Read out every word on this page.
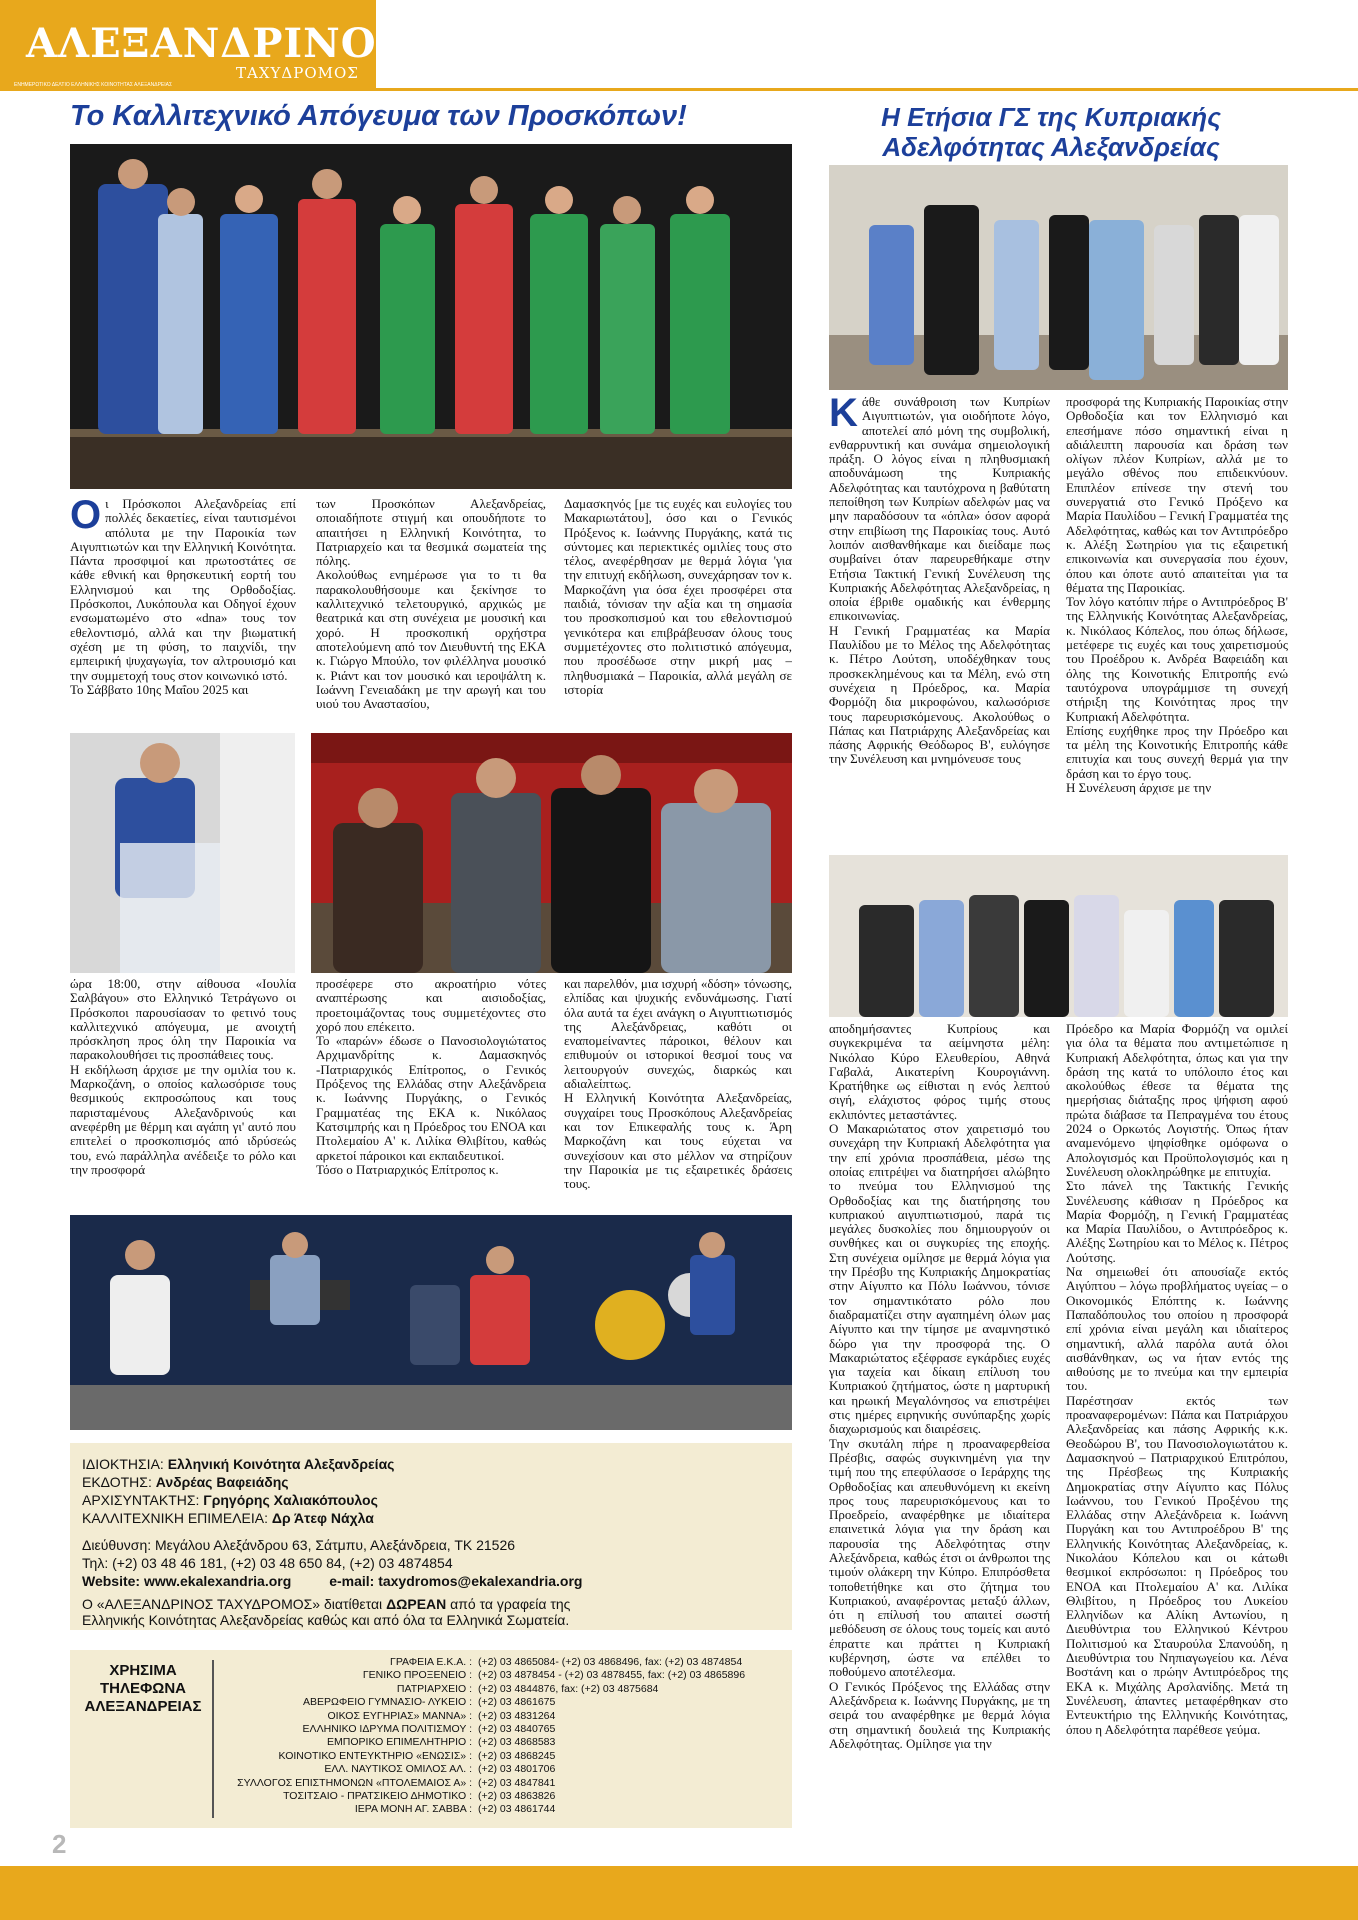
ΑΛΕΞΑΝΔΡΙΝΟΣ
ΤΑΧΥΔΡΟΜΟΣ
ΕΝΗΜΕΡΩΤΙΚΟ ΔΕΛΤΙΟ ΕΛΛΗΝΙΚΗΣ ΚΟΙΝΟΤΗΤΑΣ ΑΛΕΞΑΝΔΡΕΙΑΣ
Το Καλλιτεχνικό Απόγευμα των Προσκόπων!	Η Ετήσια ΓΣ της Κυπριακής Αδελφότητας Αλεξανδρείας
Ο ι Πρόσκοποι Αλεξανδρείας επί πολλές δεκαετίες, είναι ταυτισμένοι απόλυτα με την Παροικία των Αιγυπτιωτών και την Ελληνική Κοινότητα. Πάντα προσφιμοί και πρωτοστάτες σε κάθε εθνική και θρησκευτική εορτή του Ελληνισμού και της Ορθοδοξίας. Πρόσκοποι, Λυκόπουλα και Οδηγοί έχουν ενσωματωμένο στο «dna» τους τον εθελοντισμό, αλλά και την βιωματική σχέση με τη φύση, το παιχνίδι, την εμπειρική ψυχαγωγία, τον αλτρουισμό και την συμμετοχή τους στον κοινωνικό ιστό.

Το Σάββατο 10ης Μαΐου 2025 και

των Προσκόπων Αλεξανδρείας, οποιαδήποτε στιγμή και οπουδήποτε το απαιτήσει η Ελληνική Κοινότητα, το Πατριαρχείο και τα θεσμικά σωματεία της πόλης.

Ακολούθως ενημέρωσε για το τι θα παρακολουθήσουμε και ξεκίνησε το καλλιτεχνικό τελετουργικό, αρχικώς με θεατρικά και στη συνέχεια με μουσική και χορό. Η προσκοπική ορχήστρα αποτελούμενη από τον Διευθυντή της ΕΚΑ κ. Γιώργο Μπούλο, τον φιλέλληνα μουσικό κ. Ριάντ και τον μουσικό και ιεροψάλτη κ. Ιωάννη Γενειαδάκη με την αρωγή και του υιού του Αναστασίου,

Δαμασκηνός [με τις ευχές και ευλογίες του Μακαριωτάτου], όσο και ο Γενικός Πρόξενος κ. Ιωάννης Πυργάκης, κατά τις σύντομες και περιεκτικές ομιλίες τους στο τέλος, ανεφέρθησαν με θερμά λόγια 'για την επιτυχή εκδήλωση, συνεχάρησαν τον κ. Μαρκοζάνη για όσα έχει προσφέρει στα παιδιά, τόνισαν την αξία και τη σημασία του προσκοπισμού και του εθελοντισμού γενικότερα και επιβράβευσαν όλους τους συμμετέχοντες στο πολιτιστικό απόγευμα, που προσέδωσε στην μικρή μας – πληθυσμιακά – Παροικία, αλλά μεγάλη σε ιστορία

ώρα 18:00, στην αίθουσα «Ιουλία Σαλβάγου» στο Ελληνικό Τετράγωνο οι Πρόσκοποι παρουσίασαν το φετινό τους καλλιτεχνικό απόγευμα, με ανοιχτή πρόσκληση προς όλη την Παροικία να παρακολουθήσει τις προσπάθειες τους.

Η εκδήλωση άρχισε με την ομιλία του κ. Μαρκοζάνη, ο οποίος καλωσόρισε τους θεσμικούς εκπροσώπους και τους παρισταμένους Αλεξανδρινούς και ανεφέρθη με θέρμη και αγάπη γι' αυτό που επιτελεί ο προσκοπισμός από ιδρύσεώς του, ενώ παράλληλα ανέδειξε το ρόλο και την προσφορά

προσέφερε στο ακροατήριο νότες αναπτέρωσης και αισιοδοξίας, προετοιμάζοντας τους συμμετέχοντες στο χορό που επέκειτο.

Το «παρών» έδωσε ο Πανοσιολογιώτατος Αρχιμανδρίτης κ. Δαμασκηνός -Πατριαρχικός Επίτροπος, ο Γενικός Πρόξενος της Ελλάδας στην Αλεξάνδρεια κ. Ιωάννης Πυργάκης, ο Γενικός Γραμματέας της ΕΚΑ κ. Νικόλαος Κατσιμπρής και η Πρόεδρος του ΕΝΟΑ και Πτολεμαίου Α' κ. Λιλίκα Θλιβίτου, καθώς αρκετοί πάροικοι και εκπαιδευτικοί.

Τόσο ο Πατριαρχικός Επίτροπος κ.

και παρελθόν, μια ισχυρή «δόση» τόνωσης, ελπίδας και ψυχικής ενδυνάμωσης. Γιατί όλα αυτά τα έχει ανάγκη ο Αιγυπτιωτισμός της Αλεξάνδρειας, καθότι οι εναπομείναντες πάροικοι, θέλουν και επιθυμούν οι ιστορικοί θεσμοί τους να λειτουργούν συνεχώς, διαρκώς και αδιαλείπτως.

Η Ελληνική Κοινότητα Αλεξανδρείας, συγχαίρει τους Προσκόπους Αλεξανδρείας και τον Επικεφαλής τους κ. Άρη Μαρκοζάνη και τους εύχεται να συνεχίσουν και στο μέλλον να στηρίζουν την Παροικία με τις εξαιρετικές δράσεις τους.

Κ άθε συνάθροιση των Κυπρίων Αιγυπτιωτών, για οιοδήποτε λόγο, αποτελεί από μόνη της συμβολική, ενθαρρυντική και συνάμα σημειολογική πράξη. Ο λόγος είναι η πληθυσμιακή αποδυνάμωση της Κυπριακής Αδελφότητας και ταυτόχρονα η βαθύτατη πεποίθηση των Κυπρίων αδελφών μας να μην παραδόσουν τα «όπλα» όσον αφορά στην επιβίωση της Παροικίας τους. Αυτό λοιπόν αισθανθήκαμε και διείδαμε πως συμβαίνει όταν παρευρεθήκαμε στην Ετήσια Τακτική Γενική Συνέλευση της Κυπριακής Αδελφότητας Αλεξανδρείας, η οποία έβριθε ομαδικής και ένθερμης επικοινωνίας.

Η Γενική Γραμματέας κα Μαρία Παυλίδου με το Μέλος της Αδελφότητας κ. Πέτρο Λούτση, υποδέχθηκαν τους προσκεκλημένους και τα Μέλη, ενώ στη συνέχεια η Πρόεδρος, κα. Μαρία Φορμόζη δια μικροφώνου, καλωσόρισε τους παρευρισκόμενους. Ακολούθως ο Πάπας και Πατριάρχης Αλεξανδρείας και πάσης Αφρικής Θεόδωρος Β', ευλόγησε την Συνέλευση και μνημόνευσε τους

προσφορά της Κυπριακής Παροικίας στην Ορθοδοξία και τον Ελληνισμό και επεσήμανε πόσο σημαντική είναι η αδιάλειπτη παρουσία και δράση των ολίγων πλέον Κυπρίων, αλλά με το μεγάλο σθένος που επιδεικνύουν. Επιπλέον επίνεσε την στενή του συνεργατιά στο Γενικό Πρόξενο κα Μαρία Παυλίδου – Γενική Γραμματέα της Αδελφότητας, καθώς και τον Αντιπρόεδρο κ. Αλέξη Σωτηρίου για τις εξαιρετική επικοινωνία και συνεργασία που έχουν, όπου και όποτε αυτό απαιτείται για τα θέματα της Παροικίας.

Τον λόγο κατόπιν πήρε ο Αντιπρόεδρος Β' της Ελληνικής Κοινότητας Αλεξανδρείας, κ. Νικόλαος Κόπελος, που όπως δήλωσε, μετέφερε τις ευχές και τους χαιρετισμούς του Προέδρου κ. Ανδρέα Βαφειάδη και όλης της Κοινοτικής Επιτροπής ενώ ταυτόχρονα υπογράμμισε τη συνεχή στήριξη της Κοινότητας προς την Κυπριακή Αδελφότητα.

Επίσης ευχήθηκε προς την Πρόεδρο και τα μέλη της Κοινοτικής Επιτροπής κάθε επιτυχία και τους συνεχή θερμά για την δράση και το έργο τους.

Η Συνέλευση άρχισε με την

αποδημήσαντες Κυπρίους και συγκεκριμένα τα αείμνηστα μέλη: Νικόλαο Κύρο Ελευθερίου, Αθηνά Γαβαλά, Αικατερίνη Κουρογιάννη. Κρατήθηκε ως είθισται η ενός λεπτού σιγή, ελάχιστος φόρος τιμής στους εκλιπόντες μεταστάντες.

Ο Μακαριώτατος στον χαιρετισμό του συνεχάρη την Κυπριακή Αδελφότητα για την επί χρόνια προσπάθεια, μέσω της οποίας επιτρέψει να διατηρήσει αλώβητο το πνεύμα του Ελληνισμού της Ορθοδοξίας και της διατήρησης του κυπριακού αιγυπτιωτισμού, παρά τις μεγάλες δυσκολίες που δημιουργούν οι συνθήκες και οι συγκυρίες της εποχής. Στη συνέχεια ομίλησε με θερμά λόγια για την Πρέσβυ της Κυπριακής Δημοκρατίας στην Αίγυπτο κα Πόλυ Ιωάννου, τόνισε τον σημαντικότατο ρόλο που διαδραματίζει στην αγαπημένη όλων μας Αίγυπτο και την τίμησε με αναμνηστικό δώρο για την προσφορά της. Ο Μακαριώτατος εξέφρασε εγκάρδιες ευχές για ταχεία και δίκαιη επίλυση του Κυπριακού ζητήματος, ώστε η μαρτυρική και ηρωική Μεγαλόνησος να επιστρέψει στις ημέρες ειρηνικής συνύπαρξης χωρίς διαχωρισμούς και διαιρέσεις.

Την σκυτάλη πήρε η προαναφερθείσα Πρέσβις, σαφώς συγκινημένη για την τιμή που της επεφύλασσε ο Ιεράρχης της Ορθοδοξίας και απευθυνόμενη κι εκείνη προς τους παρευρισκόμενους και το Προεδρείο, αναφέρθηκε με ιδιαίτερα επαινετικά λόγια για την δράση και παρουσία της Αδελφότητας στην Αλεξάνδρεια, καθώς έτσι οι άνθρωποι της τιμούν ολάκερη την Κύπρο. Επιπρόσθετα τοποθετήθηκε και στο ζήτημα του Κυπριακού, αναφέροντας μεταξύ άλλων, ότι η επίλυσή του απαιτεί σωστή μεθόδευση σε όλους τους τομείς και αυτό έπραττε και πράττει η Κυπριακή κυβέρνηση, ώστε να επέλθει το ποθούμενο αποτέλεσμα.

Ο Γενικός Πρόξενος της Ελλάδας στην Αλεξάνδρεια κ. Ιωάννης Πυργάκης, με τη σειρά του αναφέρθηκε με θερμά λόγια στη σημαντική δουλειά της Κυπριακής Αδελφότητας. Ομίλησε για την

Πρόεδρο κα Μαρία Φορμόζη να ομιλεί για όλα τα θέματα που αντιμετώπισε η Κυπριακή Αδελφότητα, όπως και για την δράση της κατά το υπόλοιπο έτος και ακολούθως έθεσε τα θέματα της ημερήσιας διάταξης προς ψήφιση αφού πρώτα διάβασε τα Πεπραγμένα του έτους 2024 ο Ορκωτός Λογιστής. Όπως ήταν αναμενόμενο ψηφίσθηκε ομόφωνα ο Απολογισμός και Προϋπολογισμός και η Συνέλευση ολοκληρώθηκε με επιτυχία.

Στο πάνελ της Τακτικής Γενικής Συνέλευσης κάθισαν η Πρόεδρος κα Μαρία Φορμόζη, η Γενική Γραμματέας κα Μαρία Παυλίδου, ο Αντιπρόεδρος κ. Αλέξης Σωτηρίου και το Μέλος κ. Πέτρος Λούτσης.

Να σημειωθεί ότι απουσίαζε εκτός Αιγύπτου – λόγω προβλήματος υγείας – ο Οικονομικός Επόπτης κ. Ιωάννης Παπαδόπουλος του οποίου η προσφορά επί χρόνια είναι μεγάλη και ιδιαίτερος σημαντική, αλλά παρόλα αυτά όλοι αισθάνθηκαν, ως να ήταν εντός της αιθούσης με το πνεύμα και την εμπειρία του.

Παρέστησαν εκτός των προαναφερομένων: Πάπα και Πατριάρχου Αλεξανδρείας και πάσης Αφρικής κ.κ. Θεοδώρου Β', του Πανοσιολογιωτάτου κ. Δαμασκηνού – Πατριαρχικού Επιτρόπου, της Πρέσβεως της Κυπριακής Δημοκρατίας στην Αίγυπτο κας Πόλυς Ιωάννου, του Γενικού Προξένου της Ελλάδας στην Αλεξάνδρεια κ. Ιωάννη Πυργάκη και του Αντιπροέδρου Β' της Ελληνικής Κοινότητας Αλεξανδρείας, κ. Νικολάου Κόπελου και οι κάτωθι θεσμικοί εκπρόσωποι: η Πρόεδρος του ΕΝΟΑ και Πτολεμαίου Α' κα. Λιλίκα Θλιβίτου, η Πρόεδρος του Λυκείου Ελληνίδων κα Αλίκη Αντωνίου, η Διευθύντρια του Ελληνικού Κέντρου Πολιτισμού κα Σταυρούλα Σπανούδη, η Διευθύντρια του Νηπιαγωγείου κα. Λένα Βοστάνη και ο πρώην Αντιπρόεδρος της ΕΚΑ κ. Μιχάλης Αρσλανίδης. Μετά τη Συνέλευση, άπαντες μεταφέρθηκαν στο Εντευκτήριο της Ελληνικής Κοινότητας, όπου η Αδελφότητα παρέθεσε γεύμα.

ΙΔΙΟΚΤΗΣΙΑ: Ελληνική Κοινότητα Αλεξανδρείας
ΕΚΔΟΤΗΣ: Ανδρέας Βαφειάδης
ΑΡΧΙΣΥΝΤΑΚΤΗΣ: Γρηγόρης Χαλιακόπουλος
ΚΑΛΛΙΤΕΧΝΙΚΗ ΕΠΙΜΕΛΕΙΑ: Δρ Άτεφ Νάχλα
Διεύθυνση: Μεγάλου Αλεξάνδρου 63, Σάτμπυ, Αλεξάνδρεια, ΤΚ 21526
Τηλ: (+2) 03 48 46 181, (+2) 03 48 650 84, (+2) 03 4874854
Website: www.ekalexandria.org	e-mail: taxydromos@ekalexandria.org
Ο «ΑΛΕΞΑΝΔΡΙΝΟΣ ΤΑΧΥΔΡΟΜΟΣ» διατίθεται ΔΩΡΕΑΝ από τα γραφεία της
Ελληνικής Κοινότητας Αλεξανδρείας καθώς και από όλα τα Ελληνικά Σωματεία.
ΧΡΗΣΙΜΑ ΤΗΛΕΦΩΝΑ ΑΛΕΞΑΝΔΡΕΙΑΣ
ΓΡΑΦΕΙΑ Ε.Κ.Α. : (+2) 03 4865084- (+2) 03 4868496, fax: (+2) 03 4874854
ΓΕΝΙΚΟ ΠΡΟΞΕΝΕΙΟ : (+2) 03 4878454 - (+2) 03 4878455, fax: (+2) 03 4865896
ΠΑΤΡΙΑΡΧΕΙΟ : (+2) 03 4844876, fax: (+2) 03 4875684
ΑΒΕΡΩΦΕΙΟ ΓΥΜΝΑΣΙΟ- ΛΥΚΕΙΟ : (+2) 03 4861675
ΟΙΚΟΣ ΕΥΓΗΡΙΑΣ» ΜΑΝΝΑ» : (+2) 03 4831264
ΕΛΛΗΝΙΚΟ ΙΔΡΥΜΑ ΠΟΛΙΤΙΣΜΟΥ : (+2) 03 4840765
ΕΜΠΟΡΙΚΟ ΕΠΙΜΕΛΗΤΗΡΙΟ : (+2) 03 4868583
ΚΟΙΝΟΤΙΚΟ ΕΝΤΕΥΚΤΗΡΙΟ «ΕΝΩΣΙΣ» : (+2) 03 4868245
ΕΛΛ. ΝΑΥΤΙΚΟΣ ΟΜΙΛΟΣ ΑΛ. : (+2) 03 4801706
ΣΥΛΛΟΓΟΣ ΕΠΙΣΤΗΜΟΝΩΝ «ΠΤΟΛΕΜΑΙΟΣ Α» : (+2) 03 4847841
ΤΟΣΙΤΣΑΙΟ - ΠΡΑΤΣΙΚΕΙΟ ΔΗΜΟΤΙΚΟ : (+2) 03 4863826
ΙΕΡΑ ΜΟΝΗ ΑΓ. ΣΑΒΒΑ : (+2) 03 4861744
2
